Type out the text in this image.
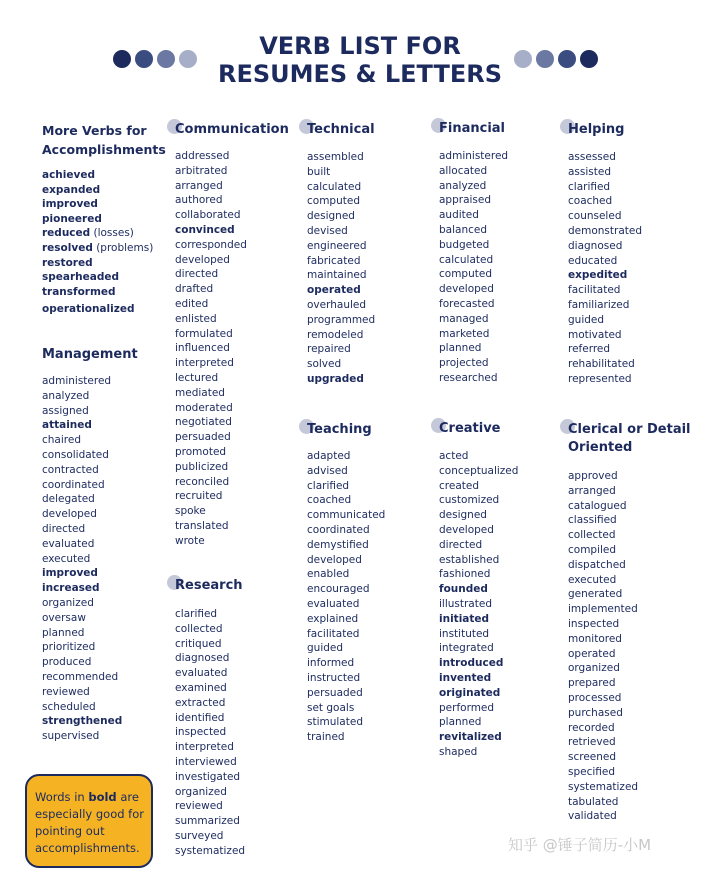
VERB LIST FOR
RESUMES & LETTERS
More Verbs for
Accomplishments
achieved
expanded
improved
pioneered
reduced (losses)
resolved (problems)
restored
spearheaded
transformed
operationalized
Management
administered
analyzed
assigned
attained
chaired
consolidated
contracted
coordinated
delegated
developed
directed
evaluated
executed
improved
increased
organized
oversaw
planned
prioritized
produced
recommended
reviewed
scheduled
strengthened
supervised
Communication
addressed
arbitrated
arranged
authored
collaborated
convinced
corresponded
developed
directed
drafted
edited
enlisted
formulated
influenced
interpreted
lectured
mediated
moderated
negotiated
persuaded
promoted
publicized
reconciled
recruited
spoke
translated
wrote
Research
clarified
collected
critiqued
diagnosed
evaluated
examined
extracted
identified
inspected
interpreted
interviewed
investigated
organized
reviewed
summarized
surveyed
systematized
Technical
assembled
built
calculated
computed
designed
devised
engineered
fabricated
maintained
operated
overhauled
programmed
remodeled
repaired
solved
upgraded
Teaching
adapted
advised
clarified
coached
communicated
coordinated
demystified
developed
enabled
encouraged
evaluated
explained
facilitated
guided
informed
instructed
persuaded
set goals
stimulated
trained
Financial
administered
allocated
analyzed
appraised
audited
balanced
budgeted
calculated
computed
developed
forecasted
managed
marketed
planned
projected
researched
Creative
acted
conceptualized
created
customized
designed
developed
directed
established
fashioned
founded
illustrated
initiated
instituted
integrated
introduced
invented
originated
performed
planned
revitalized
shaped
Helping
assessed
assisted
clarified
coached
counseled
demonstrated
diagnosed
educated
expedited
facilitated
familiarized
guided
motivated
referred
rehabilitated
represented
Clerical or Detail
Oriented
approved
arranged
catalogued
classified
collected
compiled
dispatched
executed
generated
implemented
inspected
monitored
operated
organized
prepared
processed
purchased
recorded
retrieved
screened
specified
systematized
tabulated
validated
Words in bold are especially good for pointing out accomplishments.	知乎 @锤子简历-小M
